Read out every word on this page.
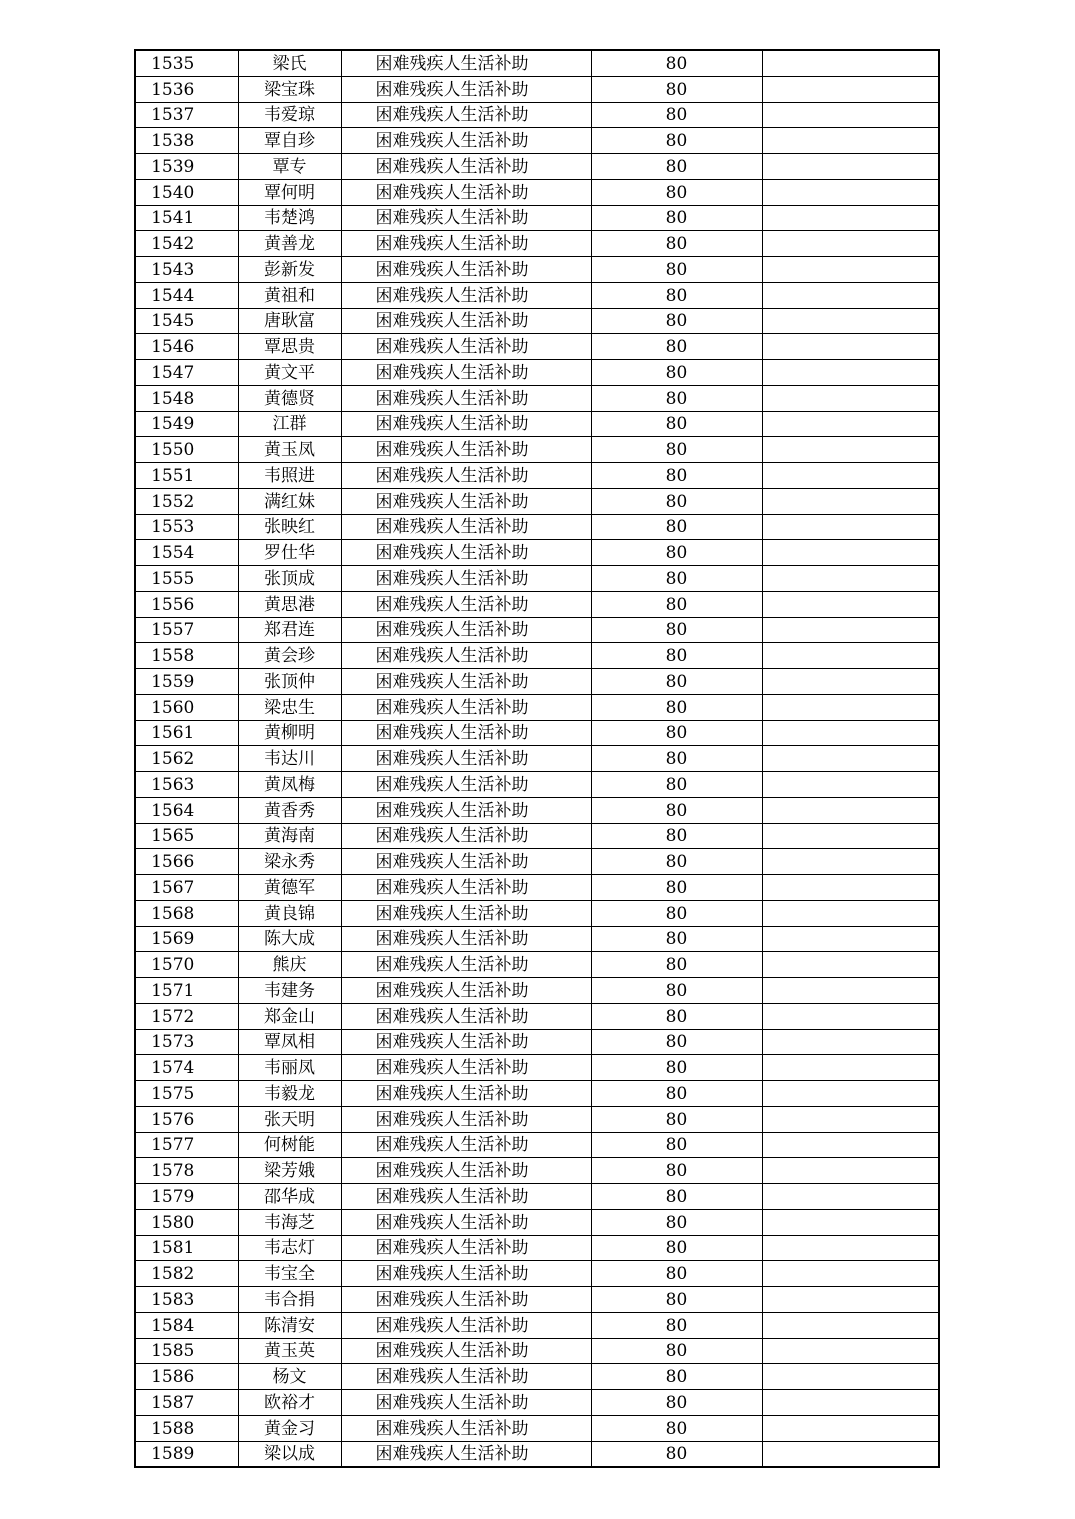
1535	梁氏	困难残疾人生活补助	80	
1536	梁宝珠	困难残疾人生活补助	80	
1537	韦爱琼	困难残疾人生活补助	80	
1538	覃自珍	困难残疾人生活补助	80	
1539	覃专	困难残疾人生活补助	80	
1540	覃何明	困难残疾人生活补助	80	
1541	韦楚鸿	困难残疾人生活补助	80	
1542	黄善龙	困难残疾人生活补助	80	
1543	彭新发	困难残疾人生活补助	80	
1544	黄祖和	困难残疾人生活补助	80	
1545	唐耿富	困难残疾人生活补助	80	
1546	覃思贵	困难残疾人生活补助	80	
1547	黄文平	困难残疾人生活补助	80	
1548	黄德贤	困难残疾人生活补助	80	
1549	江群	困难残疾人生活补助	80	
1550	黄玉凤	困难残疾人生活补助	80	
1551	韦照进	困难残疾人生活补助	80	
1552	满红妹	困难残疾人生活补助	80	
1553	张映红	困难残疾人生活补助	80	
1554	罗仕华	困难残疾人生活补助	80	
1555	张顶成	困难残疾人生活补助	80	
1556	黄思港	困难残疾人生活补助	80	
1557	郑君连	困难残疾人生活补助	80	
1558	黄会珍	困难残疾人生活补助	80	
1559	张顶仲	困难残疾人生活补助	80	
1560	梁忠生	困难残疾人生活补助	80	
1561	黄柳明	困难残疾人生活补助	80	
1562	韦达川	困难残疾人生活补助	80	
1563	黄凤梅	困难残疾人生活补助	80	
1564	黄香秀	困难残疾人生活补助	80	
1565	黄海南	困难残疾人生活补助	80	
1566	梁永秀	困难残疾人生活补助	80	
1567	黄德军	困难残疾人生活补助	80	
1568	黄良锦	困难残疾人生活补助	80	
1569	陈大成	困难残疾人生活补助	80	
1570	熊庆	困难残疾人生活补助	80	
1571	韦建务	困难残疾人生活补助	80	
1572	郑金山	困难残疾人生活补助	80	
1573	覃凤相	困难残疾人生活补助	80	
1574	韦丽凤	困难残疾人生活补助	80	
1575	韦毅龙	困难残疾人生活补助	80	
1576	张天明	困难残疾人生活补助	80	
1577	何树能	困难残疾人生活补助	80	
1578	梁芳娥	困难残疾人生活补助	80	
1579	邵华成	困难残疾人生活补助	80	
1580	韦海芝	困难残疾人生活补助	80	
1581	韦志灯	困难残疾人生活补助	80	
1582	韦宝全	困难残疾人生活补助	80	
1583	韦合捐	困难残疾人生活补助	80	
1584	陈清安	困难残疾人生活补助	80	
1585	黄玉英	困难残疾人生活补助	80	
1586	杨文	困难残疾人生活补助	80	
1587	欧裕才	困难残疾人生活补助	80	
1588	黄金习	困难残疾人生活补助	80	
1589	梁以成	困难残疾人生活补助	80	
